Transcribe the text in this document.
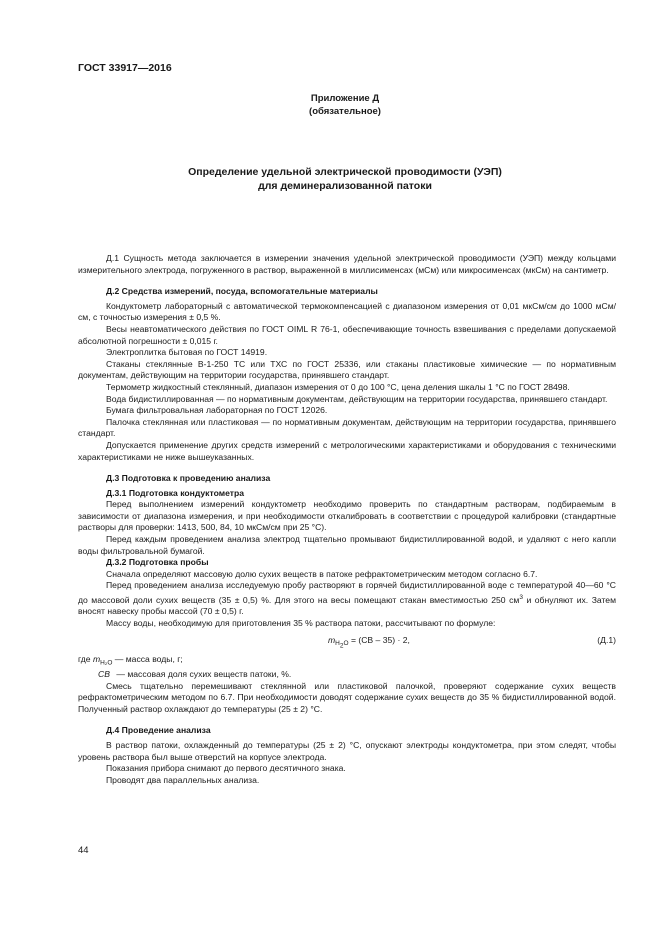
ГОСТ 33917—2016
Приложение Д
(обязательное)
Определение удельной электрической проводимости (УЭП)
для деминерализованной патоки

Д.1 Сущность метода заключается в измерении значения удельной электрической проводимости (УЭП) между кольцами измерительного электрода, погруженного в раствор, выраженной в миллисименсах (мСм) или микросименсах (мкСм) на сантиметр.

Д.2 Средства измерений, посуда, вспомогательные материалы

Кондуктометр лабораторный с автоматической термокомпенсацией с диапазоном измерения от 0,01 мкСм/см до 1000 мСм/см, с точностью измерения ± 0,5 %.

Весы неавтоматического действия по ГОСТ OIML R 76-1, обеспечивающие точность взвешивания с пределами допускаемой абсолютной погрешности ± 0,015 г.

Электроплитка бытовая по ГОСТ 14919.

Стаканы стеклянные В-1-250 ТС или ТХС по ГОСТ 25336, или стаканы пластиковые химические — по нормативным документам, действующим на территории государства, принявшего стандарт.

Термометр жидкостный стеклянный, диапазон измерения от 0 до 100 °С, цена деления шкалы 1 °С по ГОСТ 28498.

Вода бидистиллированная — по нормативным документам, действующим на территории государства, принявшего стандарт.

Бумага фильтровальная лабораторная по ГОСТ 12026.

Палочка стеклянная или пластиковая — по нормативным документам, действующим на территории государства, принявшего стандарт.

Допускается применение других средств измерений с метрологическими характеристиками и оборудования с техническими характеристиками не ниже вышеуказанных.

Д.3 Подготовка к проведению анализа

Д.3.1 Подготовка кондуктометра

Перед выполнением измерений кондуктометр необходимо проверить по стандартным растворам, подбираемым в зависимости от диапазона измерения, и при необходимости откалибровать в соответствии с процедурой калибровки (стандартные растворы для проверки: 1413, 500, 84, 10 мкСм/см при 25 °С).

Перед каждым проведением анализа электрод тщательно промывают бидистиллированной водой, и удаляют с него капли воды фильтровальной бумагой.

Д.3.2 Подготовка пробы

Сначала определяют массовую долю сухих веществ в патоке рефрактометрическим методом согласно 6.7.

Перед проведением анализа исследуемую пробу растворяют в горячей бидистиллированной воде с температурой 40—60 °С до массовой доли сухих веществ (35 ± 0,5) %. Для этого на весы помещают стакан вместимостью 250 $см^3$ и обнуляют их. Затем вносят навеску пробы массой (70 ± 0,5) г.

Массу воды, необходимую для приготовления 35 % раствора патоки, рассчитывают по формуле:

$m_{H_2O} = (CB - 35) \cdot 2$,	(Д.1)

где $m_{H_2O}$ — масса воды, г;

CB — массовая доля сухих веществ патоки, %.

Смесь тщательно перемешивают стеклянной или пластиковой палочкой, проверяют содержание сухих веществ рефрактометрическим методом по 6.7. При необходимости доводят содержание сухих веществ до 35 % бидистиллированной водой. Полученный раствор охлаждают до температуры (25 ± 2) °С.

Д.4 Проведение анализа

В раствор патоки, охлажденный до температуры (25 ± 2) °С, опускают электроды кондуктометра, при этом следят, чтобы уровень раствора был выше отверстий на корпусе электрода.

Показания прибора снимают до первого десятичного знака.

Проводят два параллельных анализа.

44
